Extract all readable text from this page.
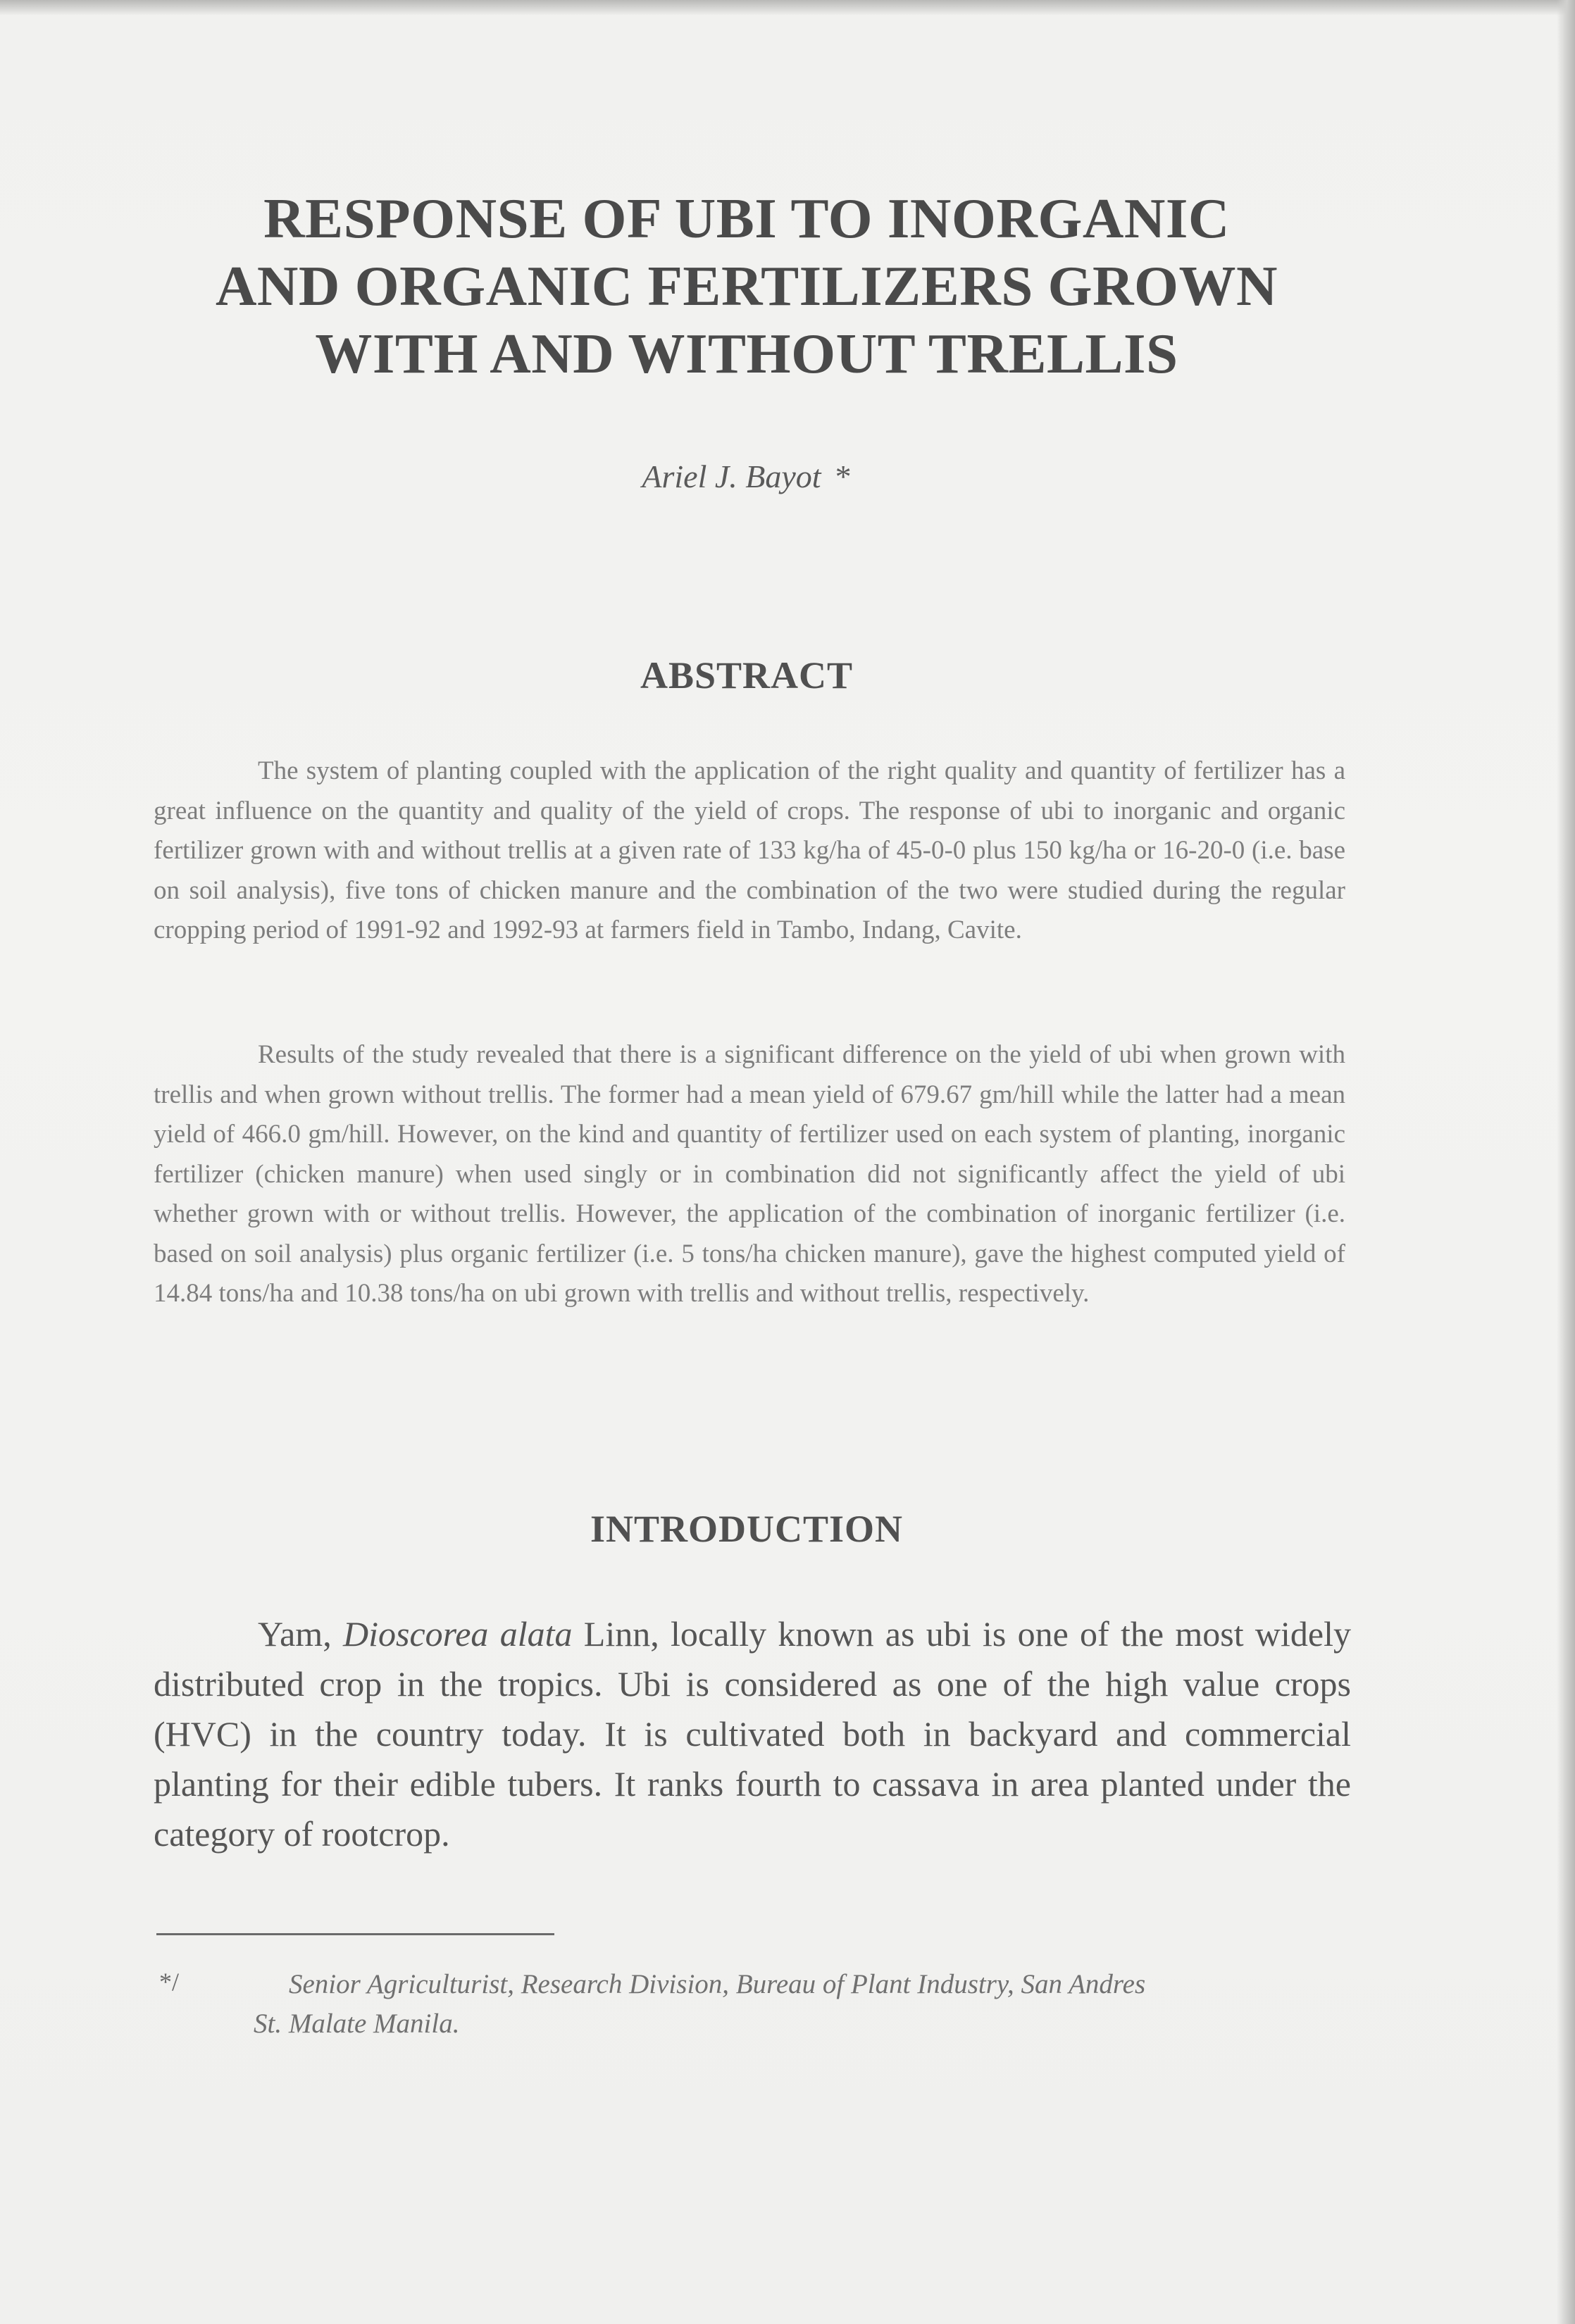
RESPONSE OF UBI TO INORGANIC
AND ORGANIC FERTILIZERS GROWN
WITH AND WITHOUT TRELLIS
Ariel J. Bayot *
ABSTRACT

The system of planting coupled with the application of the right quality and quantity of fertilizer has a great influence on the quantity and quality of the yield of crops. The response of ubi to inorganic and organic fertilizer grown with and without trellis at a given rate of 133 kg/ha of 45-0-0 plus 150 kg/ha or 16-20-0 (i.e. base on soil analysis), five tons of chicken manure and the combination of the two were studied during the regular cropping period of 1991-92 and 1992-93 at farmers field in Tambo, Indang, Cavite.

Results of the study revealed that there is a significant difference on the yield of ubi when grown with trellis and when grown without trellis. The former had a mean yield of 679.67 gm/hill while the latter had a mean yield of 466.0 gm/hill. However, on the kind and quantity of fertilizer used on each system of planting, inorganic fertilizer (chicken manure) when used singly or in combination did not significantly affect the yield of ubi whether grown with or without trellis. However, the application of the combination of inorganic fertilizer (i.e. based on soil analysis) plus organic fertilizer (i.e. 5 tons/ha chicken manure), gave the highest computed yield of 14.84 tons/ha and 10.38 tons/ha on ubi grown with trellis and without trellis, respectively.

INTRODUCTION

Yam, Dioscorea alata Linn, locally known as ubi is one of the most widely distributed crop in the tropics. Ubi is considered as one of the high value crops (HVC) in the country today. It is cultivated both in backyard and commercial planting for their edible tubers. It ranks fourth to cassava in area planted under the category of rootcrop.

*/	Senior Agriculturist, Research Division, Bureau of Plant Industry, San Andres
St. Malate Manila.
